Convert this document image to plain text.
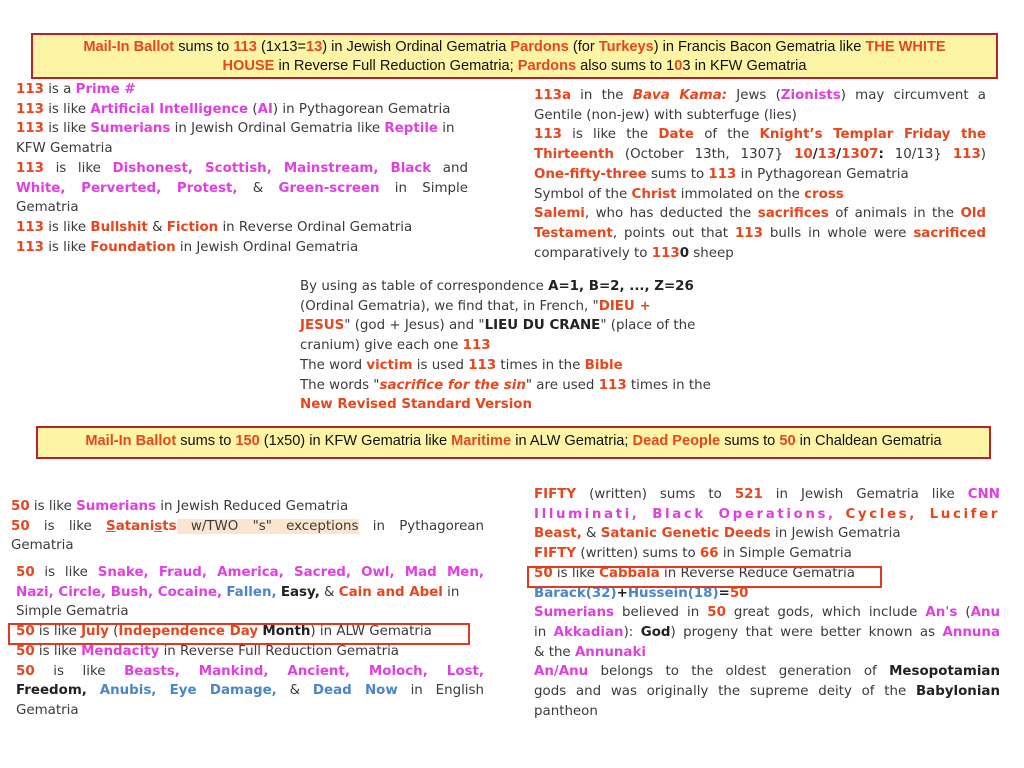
Mail-In Ballot sums to 113 (1x13=13) in Jewish Ordinal Gematria Pardons (for Turkeys) in Francis Bacon Gematria like THE WHITE
HOUSE in Reverse Full Reduction Gematria; Pardons also sums to 103 in KFW Gematria

113 is a Prime #

113 is like Artificial Intelligence (AI) in Pythagorean Gematria

113 is like Sumerians in Jewish Ordinal Gematria like Reptile in

KFW Gematria

113 is like Dishonest, Scottish, Mainstream, Black and

White, Perverted, Protest, & Green-screen in Simple

Gematria

113 is like Bullshit & Fiction in Reverse Ordinal Gematria

113 is like Foundation in Jewish Ordinal Gematria

113a in the Bava Kama: Jews (Zionists) may circumvent a

Gentile (non-jew) with subterfuge (lies)

113 is like the Date of the Knight’s Templar Friday the

Thirteenth (October 13th, 1307} 10/13/1307: 10/13} 113)

One-fifty-three sums to 113 in Pythagorean Gematria

Symbol of the Christ immolated on the cross

Salemi, who has deducted the sacrifices of animals in the Old

Testament, points out that 113 bulls in whole were sacrificed

comparatively to 1130 sheep

By using as table of correspondence A=1, B=2, ..., Z=26

(Ordinal Gematria), we find that, in French, "DIEU +

JESUS" (god + Jesus) and "LIEU DU CRANE" (place of the

cranium) give each one 113

The word victim is used 113 times in the Bible

The words "sacrifice for the sin" are used 113 times in the

New Revised Standard Version

Mail-In Ballot sums to 150 (1x50) in KFW Gematria like Maritime in ALW Gematria; Dead People sums to 50 in Chaldean Gematria

50 is like Sumerians in Jewish Reduced Gematria

50 is like Satanists w/TWO "s" exceptions in Pythagorean

Gematria

50 is like Snake, Fraud, America, Sacred, Owl, Mad Men,

Nazi, Circle, Bush, Cocaine, Fallen, Easy, & Cain and Abel in

Simple Gematria

50 is like July (Independence Day Month) in ALW Gematria

50 is like Mendacity in Reverse Full Reduction Gematria

50 is like Beasts, Mankind, Ancient, Moloch, Lost,

Freedom, Anubis, Eye Damage, & Dead Now in English

Gematria

FIFTY (written) sums to 521 in Jewish Gematria like CNN

Illuminati, Black Operations, Cycles, Lucifer

Beast, & Satanic Genetic Deeds in Jewish Gematria

FIFTY (written) sums to 66 in Simple Gematria

50 is like Cabbala in Reverse Reduce Gematria

Barack(32)+Hussein(18)=50

Sumerians believed in 50 great gods, which include An's (Anu

in Akkadian): God) progeny that were better known as Annuna

& the Annunaki

An/Anu belongs to the oldest generation of Mesopotamian

gods and was originally the supreme deity of the Babylonian

pantheon
